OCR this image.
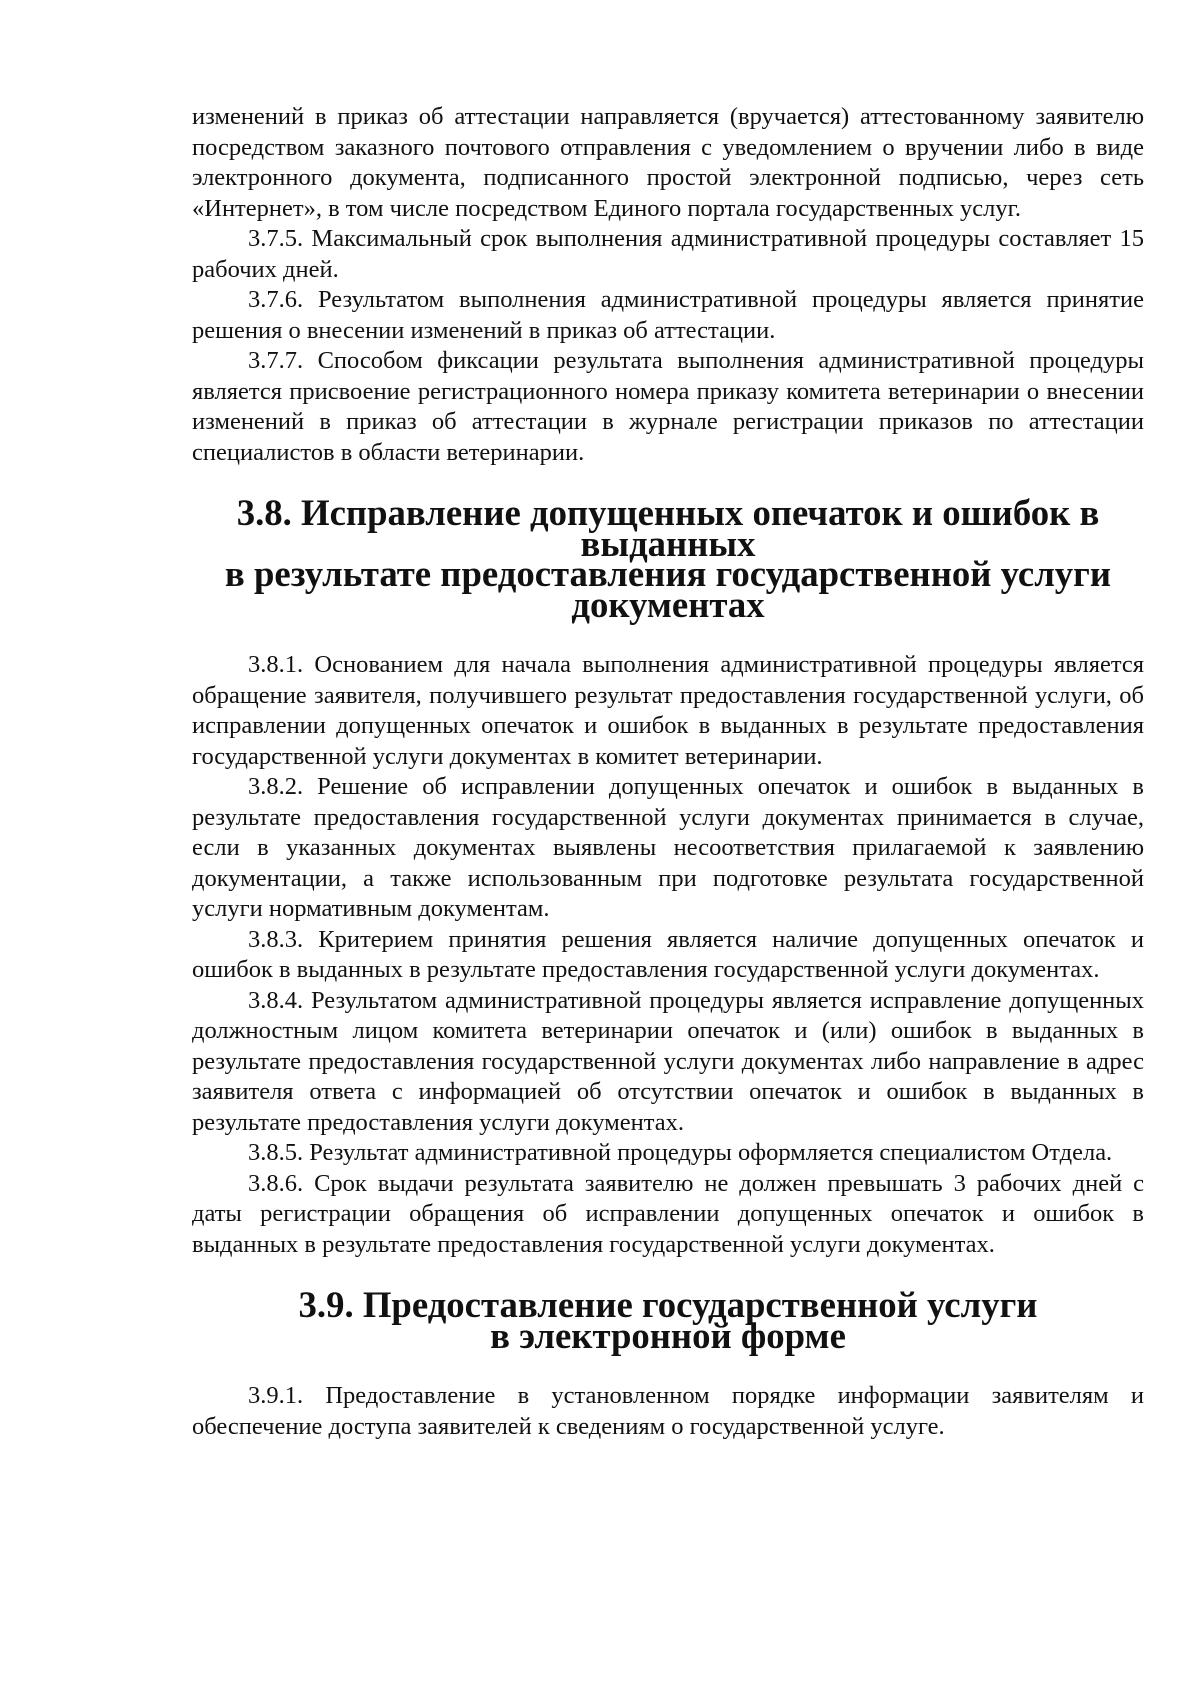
изменений в приказ об аттестации направляется (вручается) аттестованному заявителю посредством заказного почтового отправления с уведомлением о вручении либо в виде электронного документа, подписанного простой электронной подписью, через сеть «Интернет», в том числе посредством Единого портала государственных услуг.

3.7.5. Максимальный срок выполнения административной процедуры составляет 15 рабочих дней.

3.7.6. Результатом выполнения административной процедуры является принятие решения о внесении изменений в приказ об аттестации.

3.7.7. Способом фиксации результата выполнения административной процедуры является присвоение регистрационного номера приказу комитета ветеринарии о внесении изменений в приказ об аттестации в журнале регистрации приказов по аттестации специалистов в области ветеринарии.

3.8. Исправление допущенных опечаток и ошибок в выданных
в результате предоставления государственной услуги
документах

3.8.1. Основанием для начала выполнения административной процедуры является обращение заявителя, получившего результат предоставления государственной услуги, об исправлении допущенных опечаток и ошибок в выданных в результате предоставления государственной услуги документах в комитет ветеринарии.

3.8.2. Решение об исправлении допущенных опечаток и ошибок в выданных в результате предоставления государственной услуги документах принимается в случае, если в указанных документах выявлены несоответствия прилагаемой к заявлению документации, а также использованным при подготовке результата государственной услуги нормативным документам.

3.8.3. Критерием принятия решения является наличие допущенных опечаток и ошибок в выданных в результате предоставления государственной услуги документах.

3.8.4. Результатом административной процедуры является исправление допущенных должностным лицом комитета ветеринарии опечаток и (или) ошибок в выданных в результате предоставления государственной услуги документах либо направление в адрес заявителя ответа с информацией об отсутствии опечаток и ошибок в выданных в результате предоставления услуги документах.

3.8.5. Результат административной процедуры оформляется специалистом Отдела.

3.8.6. Срок выдачи результата заявителю не должен превышать 3 рабочих дней с даты регистрации обращения об исправлении допущенных опечаток и ошибок в выданных в результате предоставления государственной услуги документах.

3.9. Предоставление государственной услуги
в электронной форме

3.9.1. Предоставление в установленном порядке информации заявителям и обеспечение доступа заявителей к сведениям о государственной услуге.
